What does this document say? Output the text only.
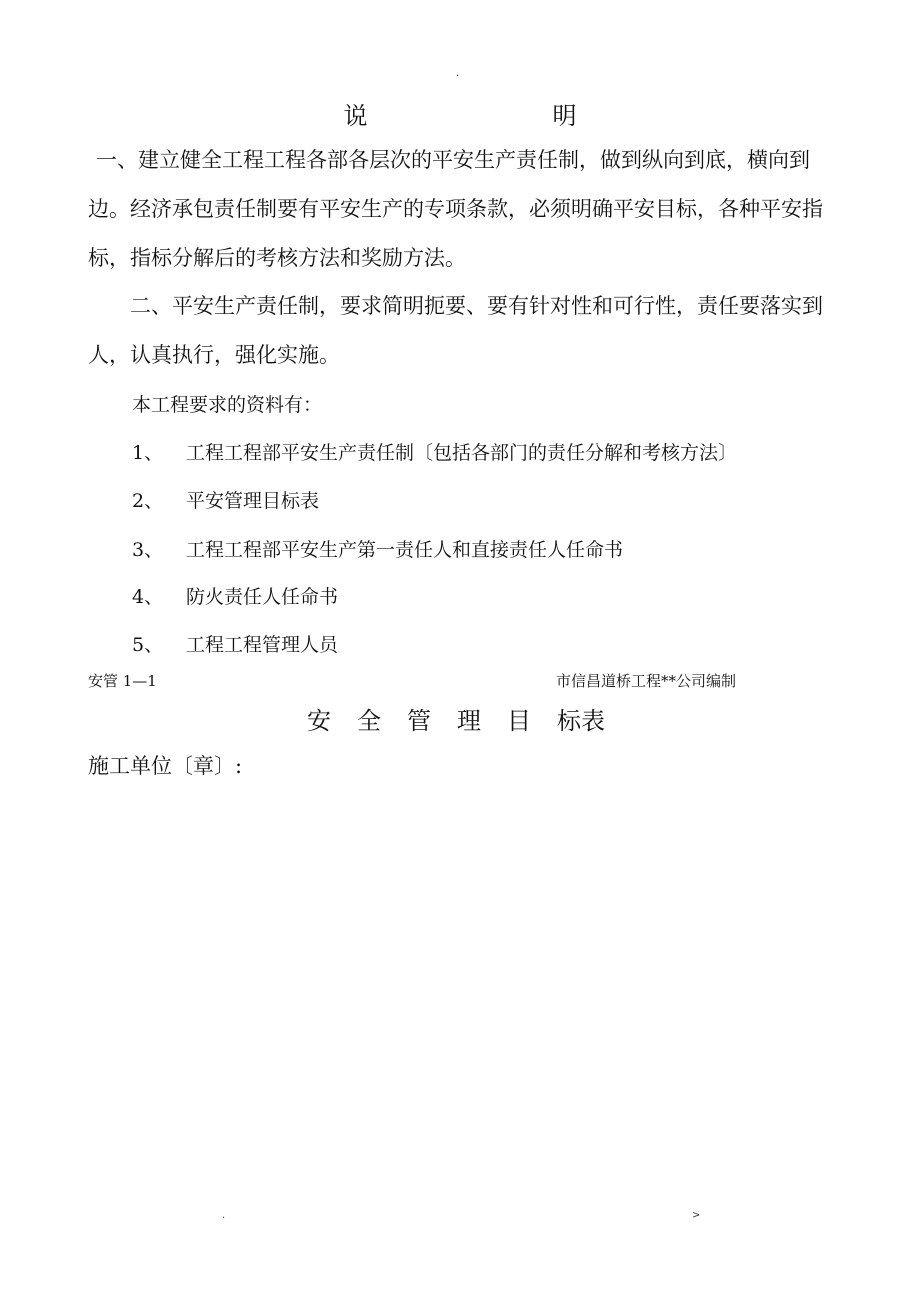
.
说	明

一、建立健全工程工程各部各层次的平安生产责任制，做到纵向到底，横向到边。经济承包责任制要有平安生产的专项条款，必须明确平安目标，各种平安指标，指标分解后的考核方法和奖励方法。

二、平安生产责任制，要求简明扼要、要有针对性和可行性，责任要落实到人，认真执行，强化实施。

本工程要求的资料有：
1、 工程工程部平安生产责任制〔包括各部门的责任分解和考核方法〕
2、 平安管理目标表
3、 工程工程部平安生产第一责任人和直接责任人任命书
4、 防火责任人任命书
5、 工程工程管理人员
安管 1—1	市信昌道桥工程**公司编制
安 全 管 理 目 标表
施工单位〔章〕:
.	>
